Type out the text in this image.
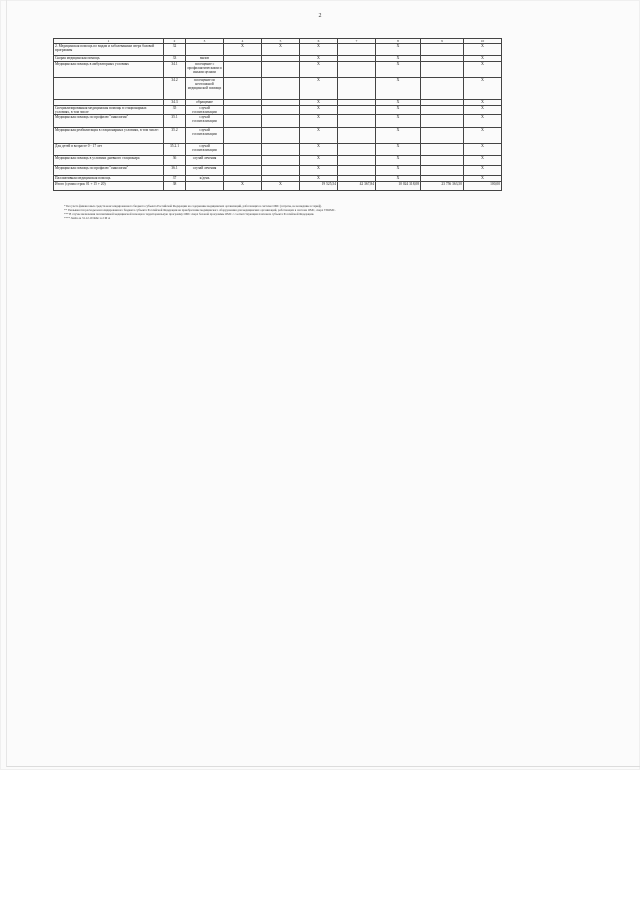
2
1	2	3	4	5	6	7	8	9	10
2. Медицинская помощь по видам и заболеваниям сверх базовой программы	32		X	X	X		X		X
Скорая медицинская помощь	33	вызов			X		X		X
Медицинская помощь в амбулаторных условиях	34.1	посещение с профилактическими и иными целями			X		X		X
	34.2	посещение по неотложной медицинской помощи			X		X		X
	34.3	обращение			X		X		X
Специализированная медицинская помощь в стационарных условиях, в том числе	35	случай госпитализации			X		X		X
Медицинская помощь по профилю "онкология"	35.1	случай госпитализации			X		X		X
Медицинская реабилитация в стационарных условиях, в том числе:	35.2	случай госпитализации			X		X		X
Для детей в возрасте 0 - 17 лет	35.2.1	случай госпитализации			X		X		X
Медицинская помощь в условиях дневного стационара	36	случай лечения			X		X		X
Медицинская помощь по профилю "онкология"	36.1	случай лечения			X		X		X
Паллиативная медицинская помощь	37	к/день			X		X		X
Итого (сумма строк 01 + 15 + 20)	38		X	X	19 525,54	42 367,84	10 024 318,08	23 756 363,50	100,00
* Без учета финансовых средств консолидированного бюджета субъекта Российской Федерации на содержание медицинских организаций, работающих в системе ОМС (затраты, не вошедшие в тариф).
** Указываются расходы консолидированного бюджета субъекта Российской Федерации на приобретение медицинского оборудования для медицинских организаций, работающих в системе ОМС, сверх ТПОМС.
*** В случае включения паллиативной медицинской помощи в территориальную программу ОМС сверх базовой программы ОМС с соответствующим платежом субъекта Российской Федерации.
**** Justin-за 31.12.19 ФАС в 2 М А
